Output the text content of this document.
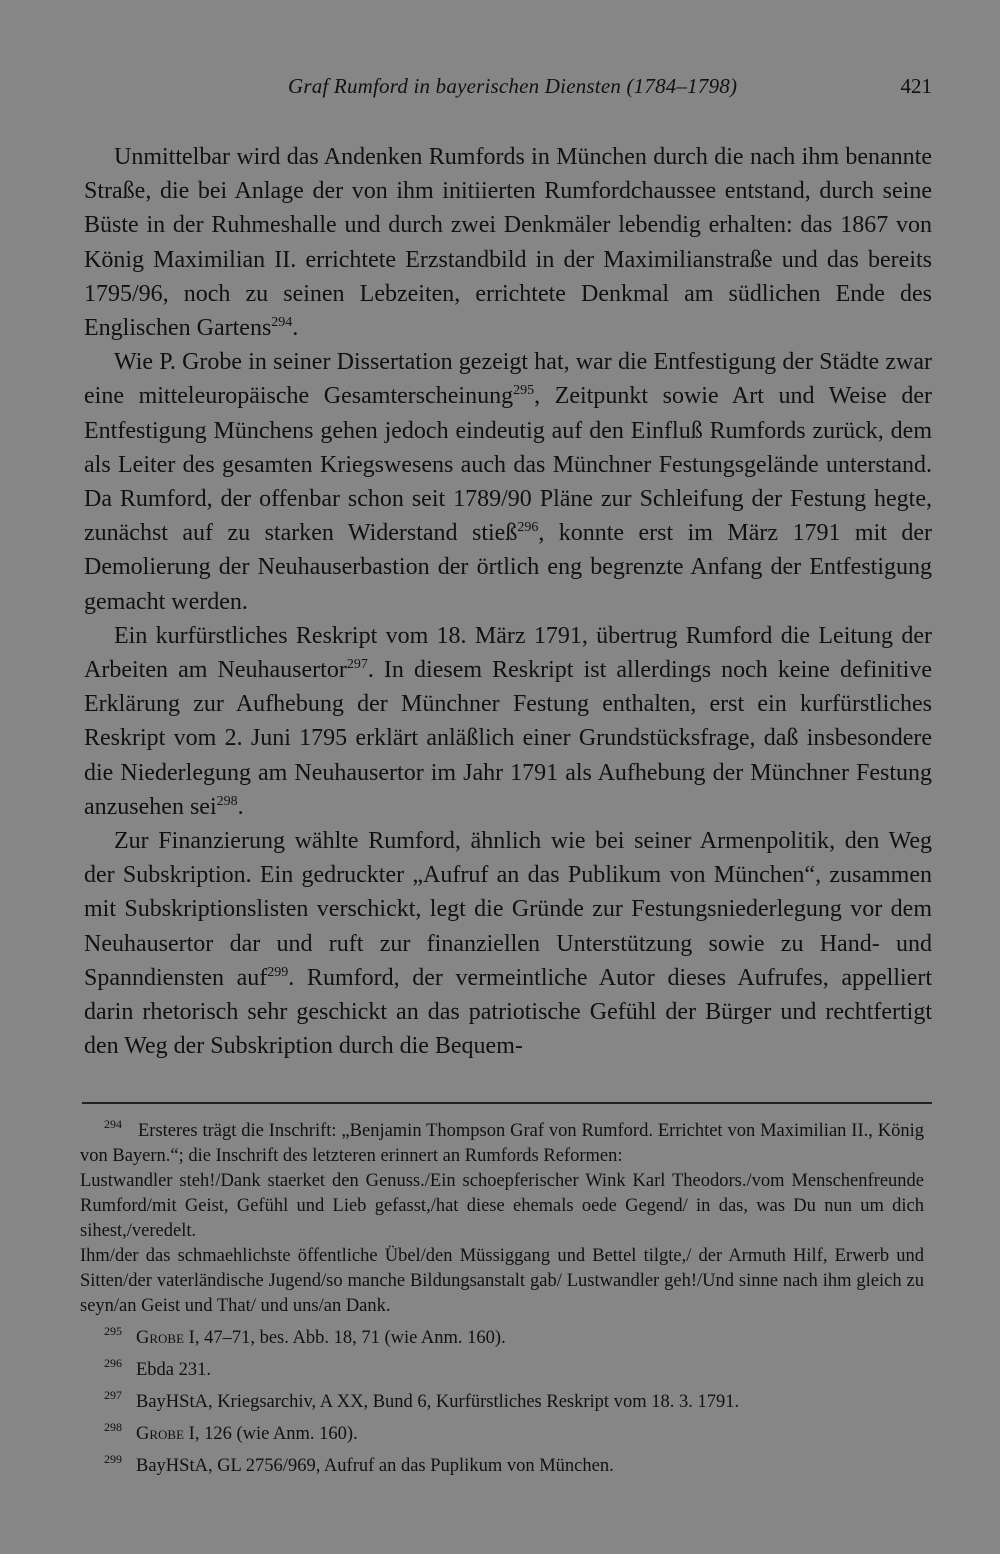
Graf Rumford in bayerischen Diensten (1784–1798)	421

Unmittelbar wird das Andenken Rumfords in München durch die nach ihm benannte Straße, die bei Anlage der von ihm initiierten Rumfordchaussee entstand, durch seine Büste in der Ruhmeshalle und durch zwei Denkmäler lebendig erhalten: das 1867 von König Maximilian II. errichtete Erzstandbild in der Maximilianstraße und das bereits 1795/96, noch zu seinen Lebzeiten, errichtete Denkmal am südlichen Ende des Englischen Gartens$^{294}$.

Wie P. Grobe in seiner Dissertation gezeigt hat, war die Entfestigung der Städte zwar eine mitteleuropäische Gesamterscheinung$^{295}$, Zeitpunkt sowie Art und Weise der Entfestigung Münchens gehen jedoch eindeutig auf den Einfluß Rumfords zurück, dem als Leiter des gesamten Kriegswesens auch das Münchner Festungsgelände unterstand. Da Rumford, der offenbar schon seit 1789/90 Pläne zur Schleifung der Festung hegte, zunächst auf zu starken Widerstand stieß$^{296}$, konnte erst im März 1791 mit der Demolierung der Neuhauserbastion der örtlich eng begrenzte Anfang der Entfestigung gemacht werden.

Ein kurfürstliches Reskript vom 18. März 1791, übertrug Rumford die Leitung der Arbeiten am Neuhausertor$^{297}$. In diesem Reskript ist allerdings noch keine definitive Erklärung zur Aufhebung der Münchner Festung enthalten, erst ein kurfürstliches Reskript vom 2. Juni 1795 erklärt anläßlich einer Grundstücksfrage, daß insbesondere die Niederlegung am Neuhausertor im Jahr 1791 als Aufhebung der Münchner Festung anzusehen sei$^{298}$.

Zur Finanzierung wählte Rumford, ähnlich wie bei seiner Armenpolitik, den Weg der Subskription. Ein gedruckter „Aufruf an das Publikum von München“, zusammen mit Subskriptionslisten verschickt, legt die Gründe zur Festungsniederlegung vor dem Neuhausertor dar und ruft zur finanziellen Unterstützung sowie zu Hand- und Spanndiensten auf$^{299}$. Rumford, der vermeintliche Autor dieses Aufrufes, appelliert darin rhetorisch sehr geschickt an das patriotische Gefühl der Bürger und rechtfertigt den Weg der Subskription durch die Bequem-

$^{294}$ Ersteres trägt die Inschrift: „Benjamin Thompson Graf von Rumford. Errichtet von Maximilian II., König von Bayern.“; die Inschrift des letzteren erinnert an Rumfords Reformen:

Lustwandler steh!/Dank staerket den Genuss./Ein schoepferischer Wink Karl Theodors./vom Menschenfreunde Rumford/mit Geist, Gefühl und Lieb gefasst,/hat diese ehemals oede Gegend/ in das, was Du nun um dich sihest,/veredelt.

Ihm/der das schmaehlichste öffentliche Übel/den Müssiggang und Bettel tilgte,/ der Armuth Hilf, Erwerb und Sitten/der vaterländische Jugend/so manche Bildungsanstalt gab/ Lustwandler geh!/Und sinne nach ihm gleich zu seyn/an Geist und That/ und uns/an Dank.

295 Grobe I, 47–71, bes. Abb. 18, 71 (wie Anm. 160).

296 Ebda 231.

297 BayHStA, Kriegsarchiv, A XX, Bund 6, Kurfürstliches Reskript vom 18. 3. 1791.

298 Grobe I, 126 (wie Anm. 160).

299 BayHStA, GL 2756/969, Aufruf an das Puplikum von München.
